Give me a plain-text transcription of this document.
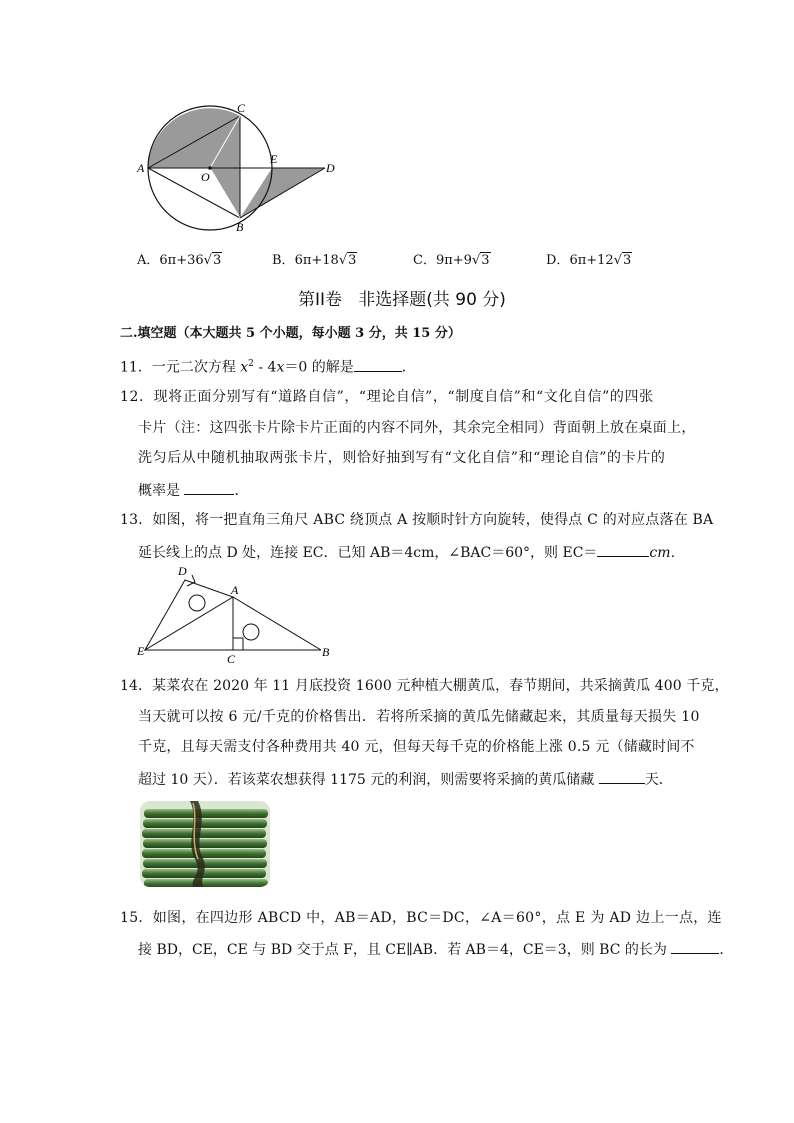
C
A
O
E
D
B
A．6π+36√3	B．6π+18√3	C．9π+9√3	D．6π+12√3
第II卷   非选择题(共 90 分)
二.填空题（本大题共 5 个小题，每小题 3 分，共 15 分）
11．一元二次方程 $x^2 - 4x=0$ 的解是	．
12．现将正面分别写有“道路自信”，“理论自信”，“制度自信”和“文化自信”的四张
卡片（注：这四张卡片除卡片正面的内容不同外，其余完全相同）背面朝上放在桌面上，
洗匀后从中随机抽取两张卡片，则恰好抽到写有“文化自信”和“理论自信”的卡片的
概率是	．
13．如图，将一把直角三角尺 ABC 绕顶点 A 按顺时针方向旋转，使得点 C 的对应点落在 BA
延长线上的点 D 处，连接 EC．已知 AB＝4cm，∠BAC＝60°，则 EC＝	cm．
D
A
E
C	B
14．某菜农在 2020 年 11 月底投资 1600 元种植大棚黄瓜，春节期间，共采摘黄瓜 400 千克，
当天就可以按 6 元/千克的价格售出．若将所采摘的黄瓜先储藏起来，其质量每天损失 10
千克，且每天需支付各种费用共 40 元，但每天每千克的价格能上涨 0.5 元（储藏时间不
超过 10 天）．若该菜农想获得 1175 元的利润，则需要将采摘的黄瓜储藏	天．
15．如图，在四边形 ABCD 中，AB＝AD，BC＝DC，∠A＝60°，点 E 为 AD 边上一点，连
接 BD，CE，CE 与 BD 交于点 F，且 CE∥AB．若 AB＝4，CE＝3，则 BC 的长为	．
